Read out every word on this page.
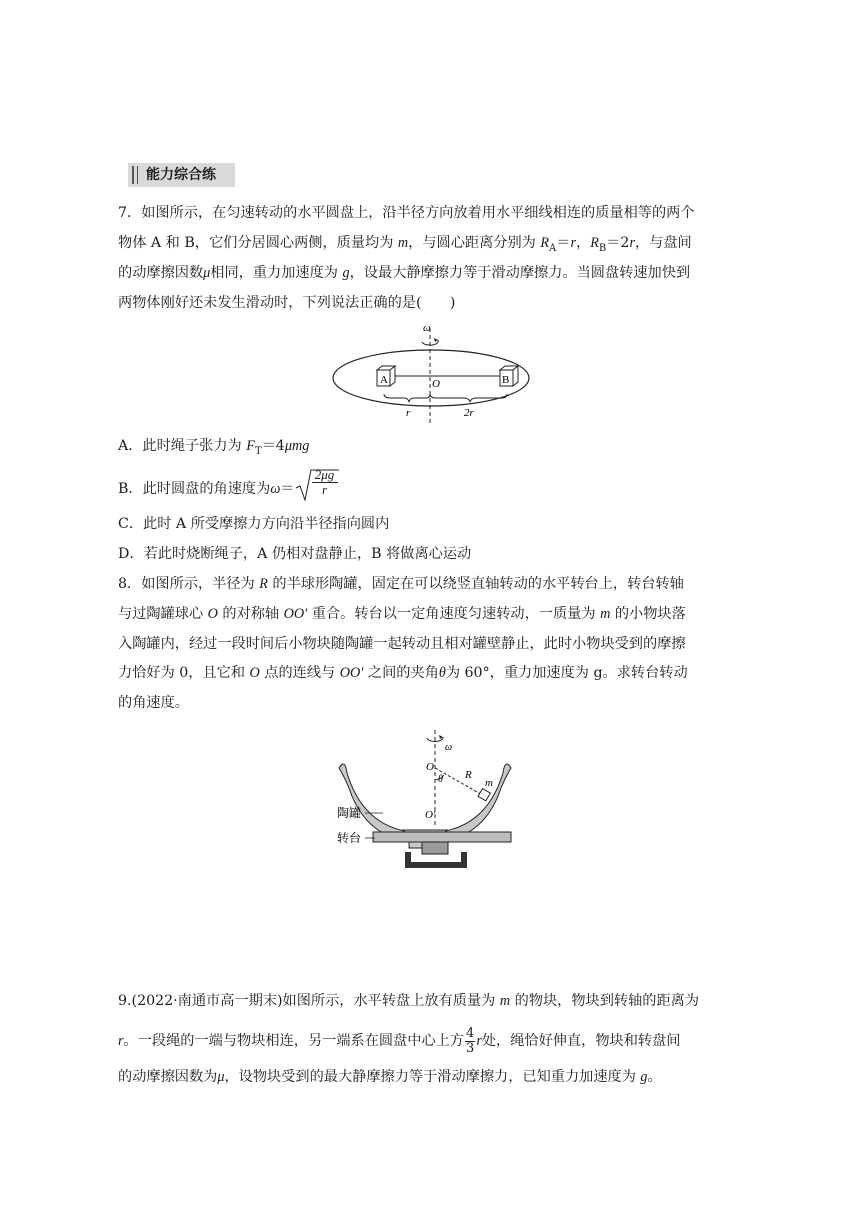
能力综合练
7．如图所示，在匀速转动的水平圆盘上，沿半径方向放着用水平细线相连的质量相等的两个
物体 A 和 B，它们分居圆心两侧，质量均为 m，与圆心距离分别为 $R_A=r$，$R_B=2r$，与盘间
的动摩擦因数μ相同，重力加速度为 g，设最大静摩擦力等于滑动摩擦力。当圆盘转速加快到
两物体刚好还未发生滑动时，下列说法正确的是(　　)
ω
A	B
O
r	2r
A．此时绳子张力为 $F_T=4\mu mg$
B．此时圆盘的角速度为$\omega= \frac{2\mu g}{r}$
C．此时 A 所受摩擦力方向沿半径指向圆内
D．若此时烧断绳子，A 仍相对盘静止，B 将做离心运动
8．如图所示，半径为 R 的半球形陶罐，固定在可以绕竖直轴转动的水平转台上，转台转轴
与过陶罐球心 O 的对称轴 OO′ 重合。转台以一定角速度匀速转动，一质量为 m 的小物块落
入陶罐内，经过一段时间后小物块随陶罐一起转动且相对罐壁静止，此时小物块受到的摩擦
力恰好为 0，且它和 O 点的连线与 OO′ 之间的夹角θ为 60°，重力加速度为 g。求转台转动
的角速度。
ω
O
θ R
m
O′
陶罐
转台
9.(2022·南通市高一期末)如图所示，水平转盘上放有质量为 m 的物块，物块到转轴的距离为
r。一段绳的一端与物块相连，另一端系在圆盘中心上方 $\frac{4}{3}$ r处，绳恰好伸直，物块和转盘间
的动摩擦因数为μ，设物块受到的最大静摩擦力等于滑动摩擦力，已知重力加速度为 g。
